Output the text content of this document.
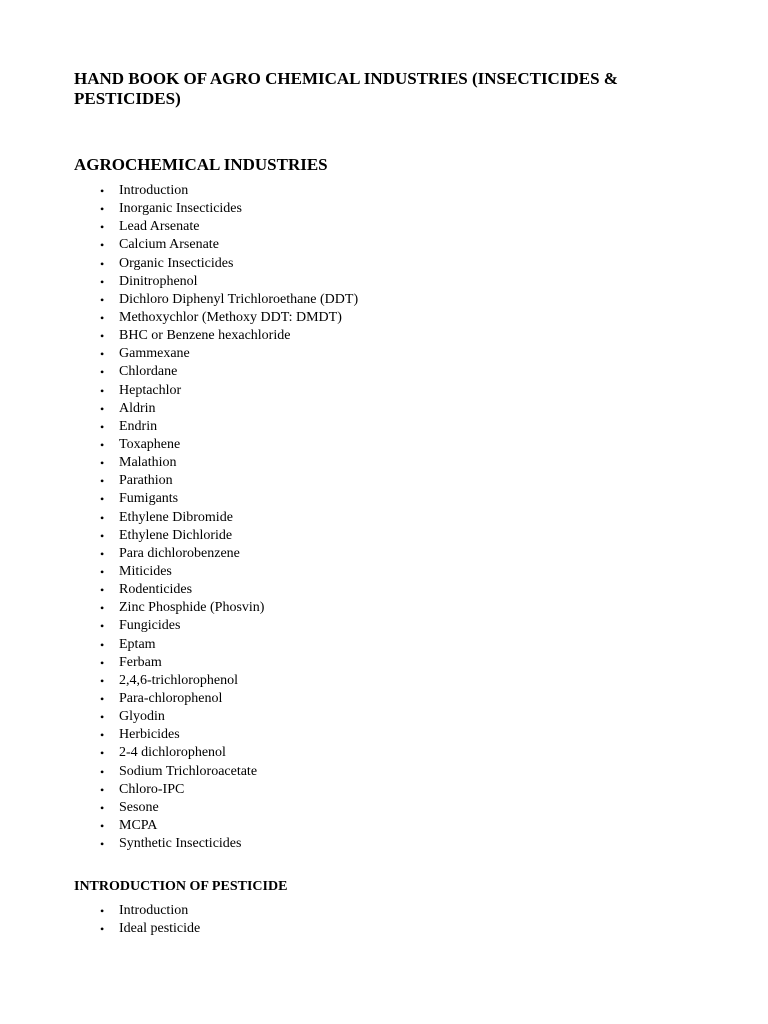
HAND BOOK OF AGRO CHEMICAL INDUSTRIES (INSECTICIDES & PESTICIDES)
AGROCHEMICAL INDUSTRIES
• Introduction
• Inorganic Insecticides
• Lead Arsenate
• Calcium Arsenate
• Organic Insecticides
• Dinitrophenol
• Dichloro Diphenyl Trichloroethane (DDT)
• Methoxychlor (Methoxy DDT: DMDT)
• BHC or Benzene hexachloride
• Gammexane
• Chlordane
• Heptachlor
• Aldrin
• Endrin
• Toxaphene
• Malathion
• Parathion
• Fumigants
• Ethylene Dibromide
• Ethylene Dichloride
• Para dichlorobenzene
• Miticides
• Rodenticides
• Zinc Phosphide (Phosvin)
• Fungicides
• Eptam
• Ferbam
• 2,4,6-trichlorophenol
• Para-chlorophenol
• Glyodin
• Herbicides
• 2-4 dichlorophenol
• Sodium Trichloroacetate
• Chloro-IPC
• Sesone
• MCPA
• Synthetic Insecticides
INTRODUCTION OF PESTICIDE
• Introduction
• Ideal pesticide
